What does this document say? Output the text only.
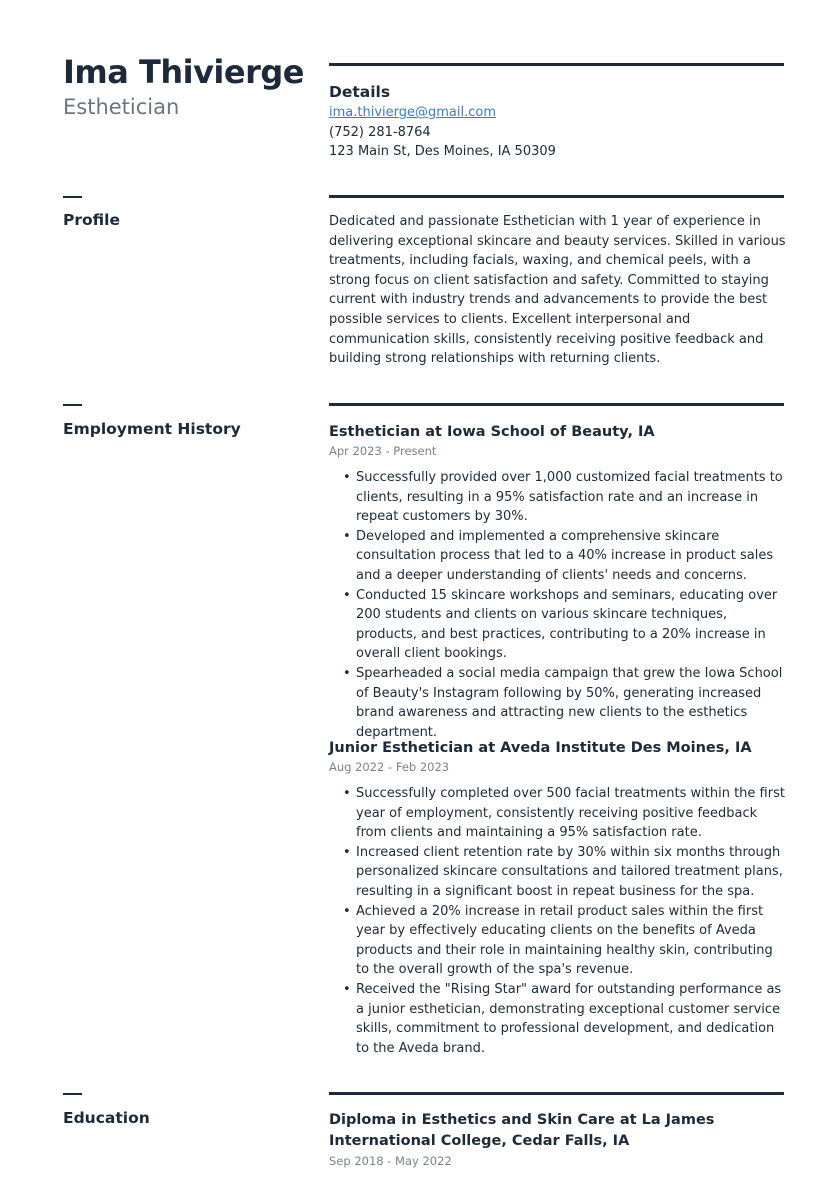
Ima Thivierge
Esthetician
Details
ima.thivierge@gmail.com
(752) 281-8764
123 Main St, Des Moines, IA 50309
Profile	Dedicated and passionate Esthetician with 1 year of experience in delivering exceptional skincare and beauty services. Skilled in various treatments, including facials, waxing, and chemical peels, with a strong focus on client satisfaction and safety. Committed to staying current with industry trends and advancements to provide the best possible services to clients. Excellent interpersonal and communication skills, consistently receiving positive feedback and building strong relationships with returning clients.
Employment History	Esthetician at Iowa School of Beauty, IA
Apr 2023 - Present
• Successfully provided over 1,000 customized facial treatments to clients, resulting in a 95% satisfaction rate and an increase in repeat customers by 30%.
• Developed and implemented a comprehensive skincare consultation process that led to a 40% increase in product sales and a deeper understanding of clients' needs and concerns.
• Conducted 15 skincare workshops and seminars, educating over 200 students and clients on various skincare techniques, products, and best practices, contributing to a 20% increase in overall client bookings.
• Spearheaded a social media campaign that grew the Iowa School of Beauty's Instagram following by 50%, generating increased brand awareness and attracting new clients to the esthetics department.
Junior Esthetician at Aveda Institute Des Moines, IA
Aug 2022 - Feb 2023
• Successfully completed over 500 facial treatments within the first year of employment, consistently receiving positive feedback from clients and maintaining a 95% satisfaction rate.
• Increased client retention rate by 30% within six months through personalized skincare consultations and tailored treatment plans, resulting in a significant boost in repeat business for the spa.
• Achieved a 20% increase in retail product sales within the first year by effectively educating clients on the benefits of Aveda products and their role in maintaining healthy skin, contributing to the overall growth of the spa's revenue.
• Received the "Rising Star" award for outstanding performance as a junior esthetician, demonstrating exceptional customer service skills, commitment to professional development, and dedication to the Aveda brand.
Education	Diploma in Esthetics and Skin Care at La James International College, Cedar Falls, IA
Sep 2018 - May 2022
